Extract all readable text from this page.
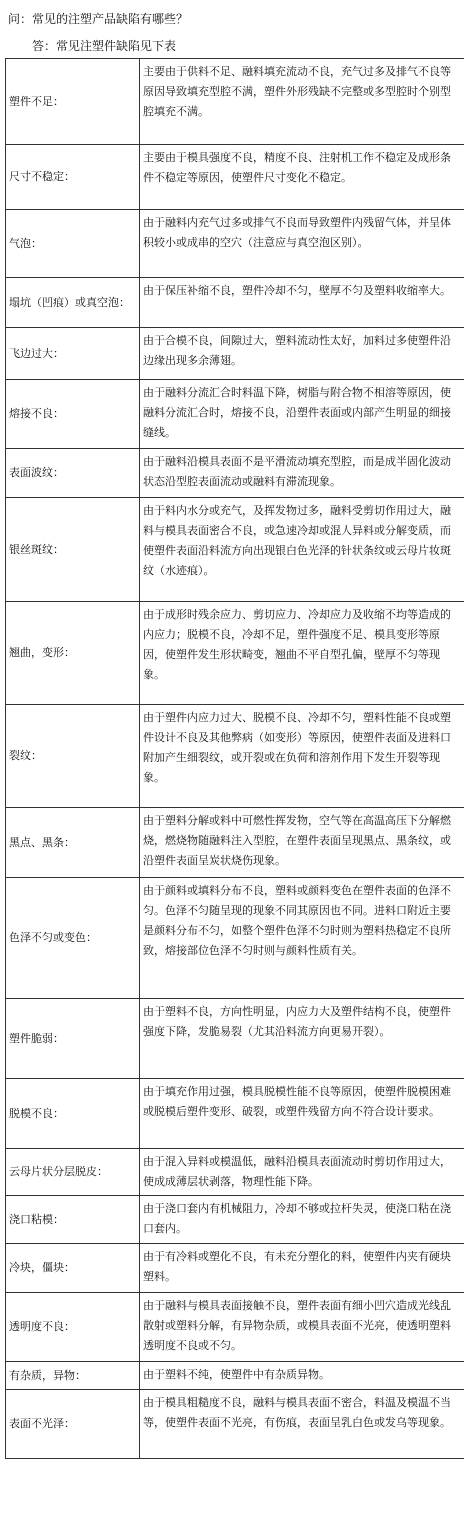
问：常见的注塑产品缺陷有哪些？
答：常见注塑件缺陷见下表
塑件不足：	主要由于供料不足、融料填充流动不良，充气过多及排气不良等原因导致填充型腔不满，塑件外形残缺不完整或多型腔时个别型腔填充不满。
尺寸不稳定：	主要由于模具强度不良，精度不良、注射机工作不稳定及成形条件不稳定等原因，使塑件尺寸变化不稳定。
气泡：	由于融料内充气过多或排气不良而导致塑件内残留气体，并呈体积较小或成串的空穴（注意应与真空泡区别）。
塌坑（凹痕）或真空泡：	由于保压补缩不良，塑件冷却不匀，壁厚不匀及塑料收缩率大。
飞边过大：	由于合模不良，间隙过大，塑料流动性太好，加料过多使塑件沿边缘出现多余薄翅。
熔接不良：	由于融料分流汇合时料温下降，树脂与附合物不相溶等原因，使融料分流汇合时，熔接不良，沿塑件表面或内部产生明显的细接缝线。
表面波纹：	由于融料沿模具表面不是平滑流动填充型腔，而是成半固化波动状态沿型腔表面流动或融料有滞流现象。
银丝斑纹：	由于料内水分或充气，及挥发物过多，融料受剪切作用过大，融料与模具表面密合不良，或急速冷却或混人异料或分解变质，而使塑件表面沿料流方向出现银白色光泽的针状条纹或云母片妆斑纹（水迹痕）。
翘曲，变形：	由于成形时残余应力、剪切应力、冷却应力及收缩不均等造成的内应力；脱模不良，冷却不足，塑件强度不足、模具变形等原因，使塑件发生形状畸变，翘曲不平自型孔偏，壁厚不匀等现象。
裂纹：	由于塑件内应力过大、脱模不良、冷却不匀，塑料性能不良或塑件设计不良及其他弊病（如变形）等原因，使塑件表面及进料口附加产生细裂纹，或开裂或在负荷和溶剂作用下发生开裂等现象。
黑点、黑条：	由于塑料分解或料中可燃性挥发物，空气等在高温高压下分解燃烧，燃烧物随融料注入型腔，在塑件表面呈现黑点、黑条纹，或沿塑件表面呈炭状烧伤现象。
色泽不匀或变色：	由于颜料或填料分布不良，塑料或颜料变色在塑件表面的色泽不匀。色泽不匀随呈现的现象不同其原因也不同。进料口附近主要是颜料分布不匀，如整个塑件色泽不匀时则为塑料热稳定不良所致，熔接部位色泽不匀时则与颜料性质有关。
塑件脆弱：	由于塑料不良，方向性明显，内应力大及塑件结构不良，使塑件强度下降，发脆易裂（尤其沿料流方向更易开裂）。
脱模不良：	由于填充作用过强，模具脱模性能不良等原因，使塑件脱模困难或脱模后塑件变形、破裂，或塑件残留方向不符合设计要求。
云母片状分层脱皮：	由于混入异料或模温低，融料沿模具表面流动时剪切作用过大，使成成薄层状剥落，物理性能下降。
浇口粘模：	由于浇口套内有机械阻力，冷却不够或拉杆失灵，使浇口粘在浇口套内。
冷块，僵块：	由于有冷料或塑化不良，有未充分塑化的料，使塑件内夹有硬块塑料。
透明度不良：	由于融料与模具表面接触不良，塑件表面有细小凹穴造成光线乱散射或塑料分解，有异物杂质，或模具表面不光亮，使透明塑料透明度不良或不匀。
有杂质，异物：	由于塑料不纯，使塑件中有杂质异物。
表面不光泽：	由于模具粗糙度不良，融料与模具表面不密合，料温及模温不当等，使塑件表面不光亮，有伤痕，表面呈乳白色或发乌等现象。
